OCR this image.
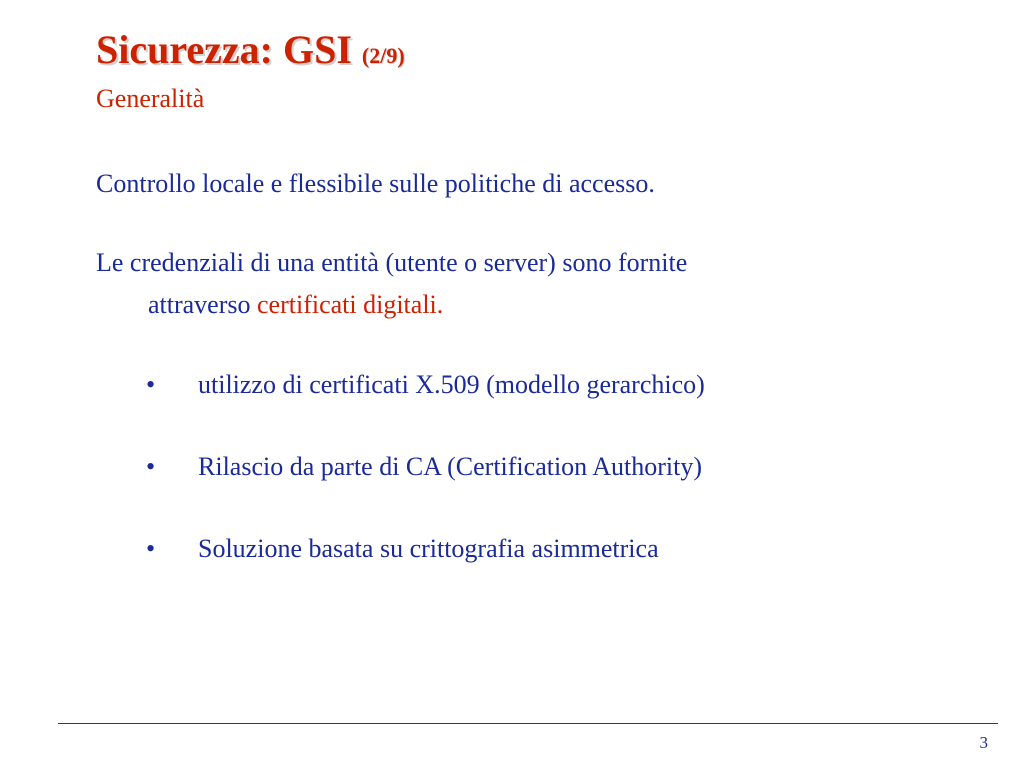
Sicurezza: GSI (2/9)
Generalità
Controllo locale e flessibile sulle politiche di accesso.
Le credenziali di una entità (utente o server) sono fornite
attraverso certificati digitali.
• utilizzo di certificati X.509 (modello gerarchico)
• Rilascio da parte di CA (Certification Authority)
• Soluzione basata su crittografia asimmetrica
3
